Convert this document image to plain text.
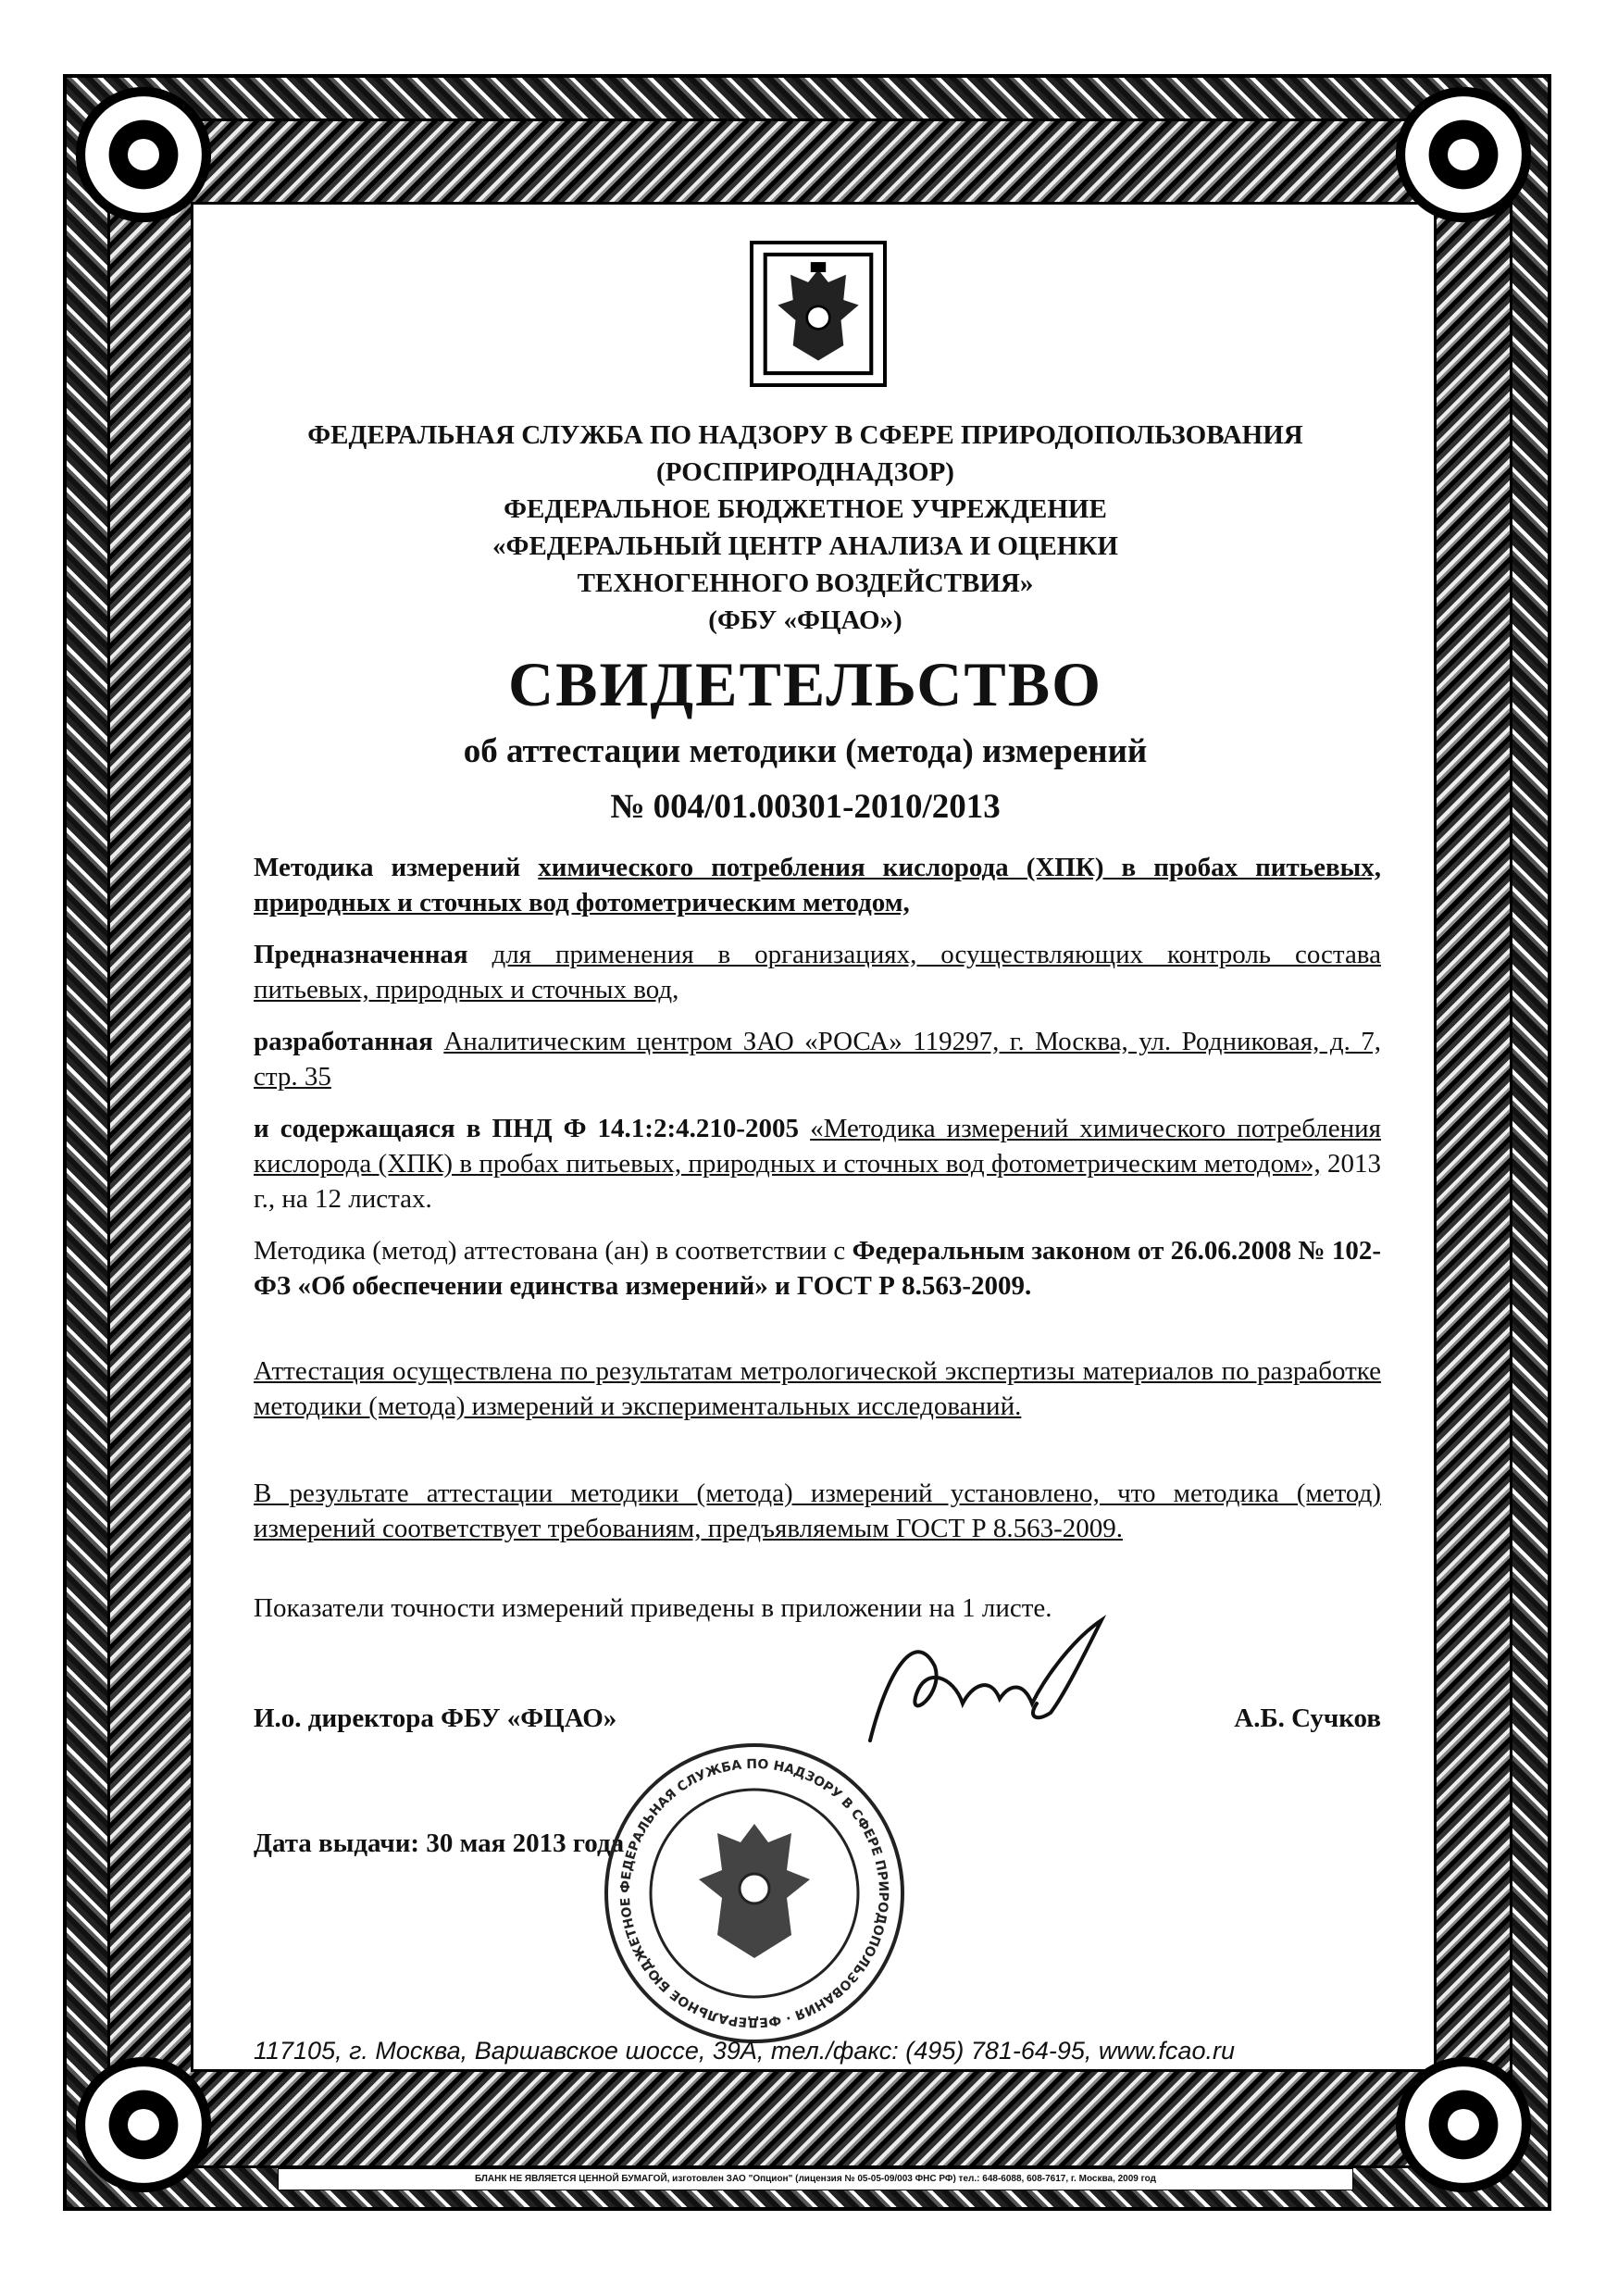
БЛАНК НЕ ЯВЛЯЕТСЯ ЦЕННОЙ БУМАГОЙ, изготовлен ЗАО "Опцион" (лицензия № 05-05-09/003 ФНС РФ) тел.: 648-6088, 608-7617, г. Москва, 2009 год
ФЕДЕРАЛЬНАЯ СЛУЖБА ПО НАДЗОРУ В СФЕРЕ ПРИРОДОПОЛЬЗОВАНИЯ
(РОСПРИРОДНАДЗОР)
ФЕДЕРАЛЬНОЕ БЮДЖЕТНОЕ УЧРЕЖДЕНИЕ
«ФЕДЕРАЛЬНЫЙ ЦЕНТР АНАЛИЗА И ОЦЕНКИ
ТЕХНОГЕННОГО ВОЗДЕЙСТВИЯ»
(ФБУ «ФЦАО»)
СВИДЕТЕЛЬСТВО
об аттестации методики (метода) измерений
№ 004/01.00301-2010/2013
Методика измерений химического потребления кислорода (ХПК) в пробах питьевых, природных и сточных вод фотометрическим методом,
Предназначенная для применения в организациях, осуществляющих контроль состава питьевых, природных и сточных вод,
разработанная Аналитическим центром ЗАО «РОСА» 119297, г. Москва, ул. Родниковая, д. 7, стр. 35
и содержащаяся в ПНД Ф 14.1:2:4.210-2005 «Методика измерений химического потребления кислорода (ХПК) в пробах питьевых, природных и сточных вод фотометрическим методом», 2013 г., на 12 листах.
Методика (метод) аттестована (ан) в соответствии с Федеральным законом от 26.06.2008 № 102-ФЗ «Об обеспечении единства измерений» и ГОСТ Р 8.563-2009.
Аттестация осуществлена по результатам метрологической экспертизы материалов по разработке методики (метода) измерений и экспериментальных исследований.
В результате аттестации методики (метода) измерений установлено, что методика (метод) измерений соответствует требованиям, предъявляемым ГОСТ Р 8.563-2009.
Показатели точности измерений приведены в приложении на 1 листе.
И.о. директора ФБУ «ФЦАО»	А.Б. Сучков
Дата выдачи: 30 мая 2013 года
ФЕДЕРАЛЬНАЯ СЛУЖБА ПО НАДЗОРУ В СФЕРЕ ПРИРОДОПОЛЬЗОВАНИЯ · ФЕДЕРАЛЬНОЕ БЮДЖЕТНОЕ
117105, г. Москва, Варшавское шоссе, 39А, тел./факс: (495) 781-64-95, www.fcao.ru
